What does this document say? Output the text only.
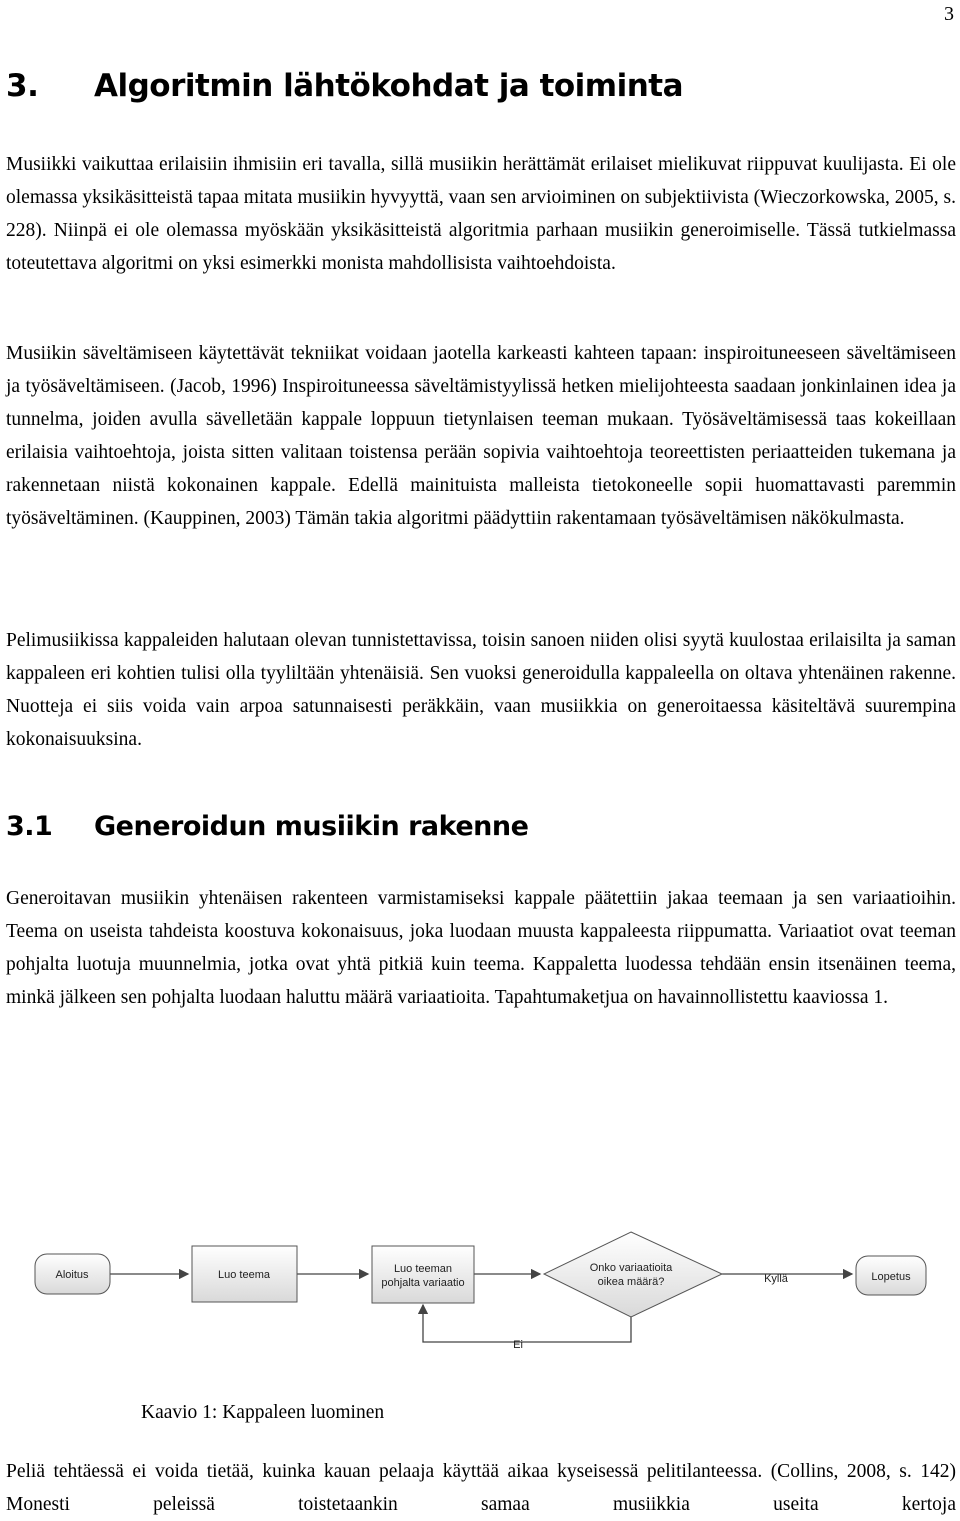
3
3. Algoritmin lähtökohdat ja toiminta

Musiikki vaikuttaa erilaisiin ihmisiin eri tavalla, sillä musiikin herättämät erilaiset mielikuvat riippuvat kuulijasta. Ei ole olemassa yksikäsitteistä tapaa mitata musiikin hyvyyttä, vaan sen arvioiminen on subjektiivista (Wieczorkowska, 2005, s. 228). Niinpä ei ole olemassa myöskään yksikäsitteistä algoritmia parhaan musiikin generoimiselle. Tässä tutkielmassa toteutettava algoritmi on yksi esimerkki monista mahdollisista vaihtoehdoista.

Musiikin säveltämiseen käytettävät tekniikat voidaan jaotella karkeasti kahteen tapaan: inspiroituneeseen säveltämiseen ja työsäveltämiseen. (Jacob, 1996) Inspiroituneessa säveltämistyylissä hetken mielijohteesta saadaan jonkinlainen idea ja tunnelma, joiden avulla sävelletään kappale loppuun tietynlaisen teeman mukaan. Työsäveltämisessä taas kokeillaan erilaisia vaihtoehtoja, joista sitten valitaan toistensa perään sopivia vaihtoehtoja teoreettisten periaatteiden tukemana ja rakennetaan niistä kokonainen kappale. Edellä mainituista malleista tietokoneelle sopii huomattavasti paremmin työsäveltäminen. (Kauppinen, 2003) Tämän takia algoritmi päädyttiin rakentamaan työsäveltämisen näkökulmasta.

Pelimusiikissa kappaleiden halutaan olevan tunnistettavissa, toisin sanoen niiden olisi syytä kuulostaa erilaisilta ja saman kappaleen eri kohtien tulisi olla tyyliltään yhtenäisiä. Sen vuoksi generoidulla kappaleella on oltava yhtenäinen rakenne. Nuotteja ei siis voida vain arpoa satunnaisesti peräkkäin, vaan musiikkia on generoitaessa käsiteltävä suurempina kokonaisuuksina.

3.1 Generoidun musiikin rakenne

Generoitavan musiikin yhtenäisen rakenteen varmistamiseksi kappale päätettiin jakaa teemaan ja sen variaatioihin. Teema on useista tahdeista koostuva kokonaisuus, joka luodaan muusta kappaleesta riippumatta. Variaatiot ovat teeman pohjalta luotuja muunnelmia, jotka ovat yhtä pitkiä kuin teema. Kappaletta luodessa tehdään ensin itsenäinen teema, minkä jälkeen sen pohjalta luodaan haluttu määrä variaatioita. Tapahtumaketjua on havainnollistettu kaaviossa 1.

Aloitus	Luo teema	Luo teeman
pohjalta variaatio
Onko variaatioita
oikea määrä?	Kyllä
Ei
Lopetus
Kaavio 1: Kappaleen luominen

Peliä tehtäessä ei voida tietää, kuinka kauan pelaaja käyttää aikaa kyseisessä pelitilanteessa. (Collins, 2008, s. 142) Monesti peleissä toistetaankin samaa musiikkia useita kertoja
